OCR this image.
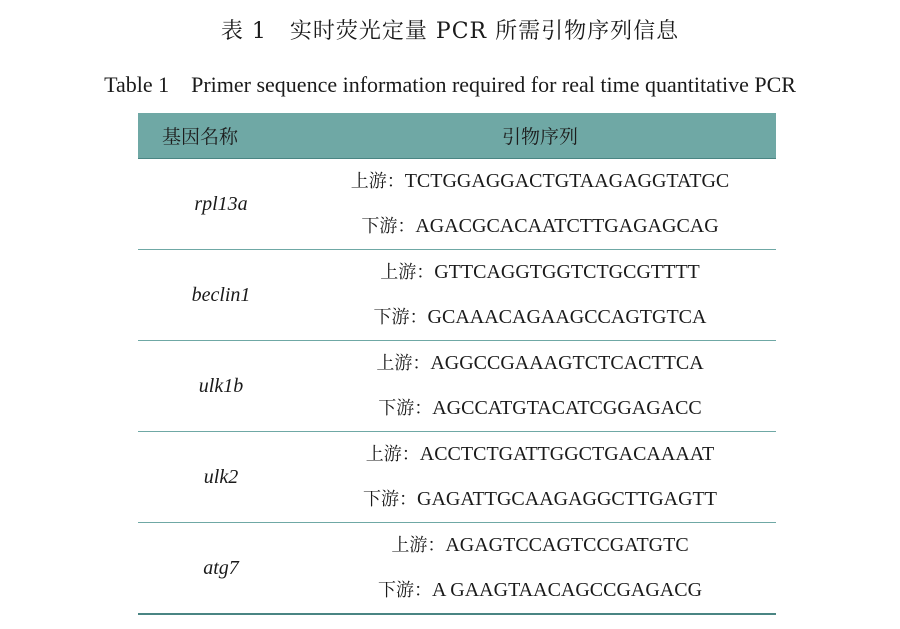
表 1　实时荧光定量 PCR 所需引物序列信息
Table 1　Primer sequence information required for real time quantitative PCR
基因名称	引物序列
rpl13a	上游：TCTGGAGGACTGTAAGAGGTATGC
下游：AGACGCACAATCTTGAGAGCAG

beclin1	上游：GTTCAGGTGGTCTGCGTTTT
下游：GCAAACAGAAGCCAGTGTCA

ulk1b	上游：AGGCCGAAAGTCTCACTTCA
下游：AGCCATGTACATCGGAGACC

ulk2	上游：ACCTCTGATTGGCTGACAAAAT
下游：GAGATTGCAAGAGGCTTGAGTT

atg7	上游：AGAGTCCAGTCCGATGTC
下游：A GAAGTAACAGCCGAGACG
